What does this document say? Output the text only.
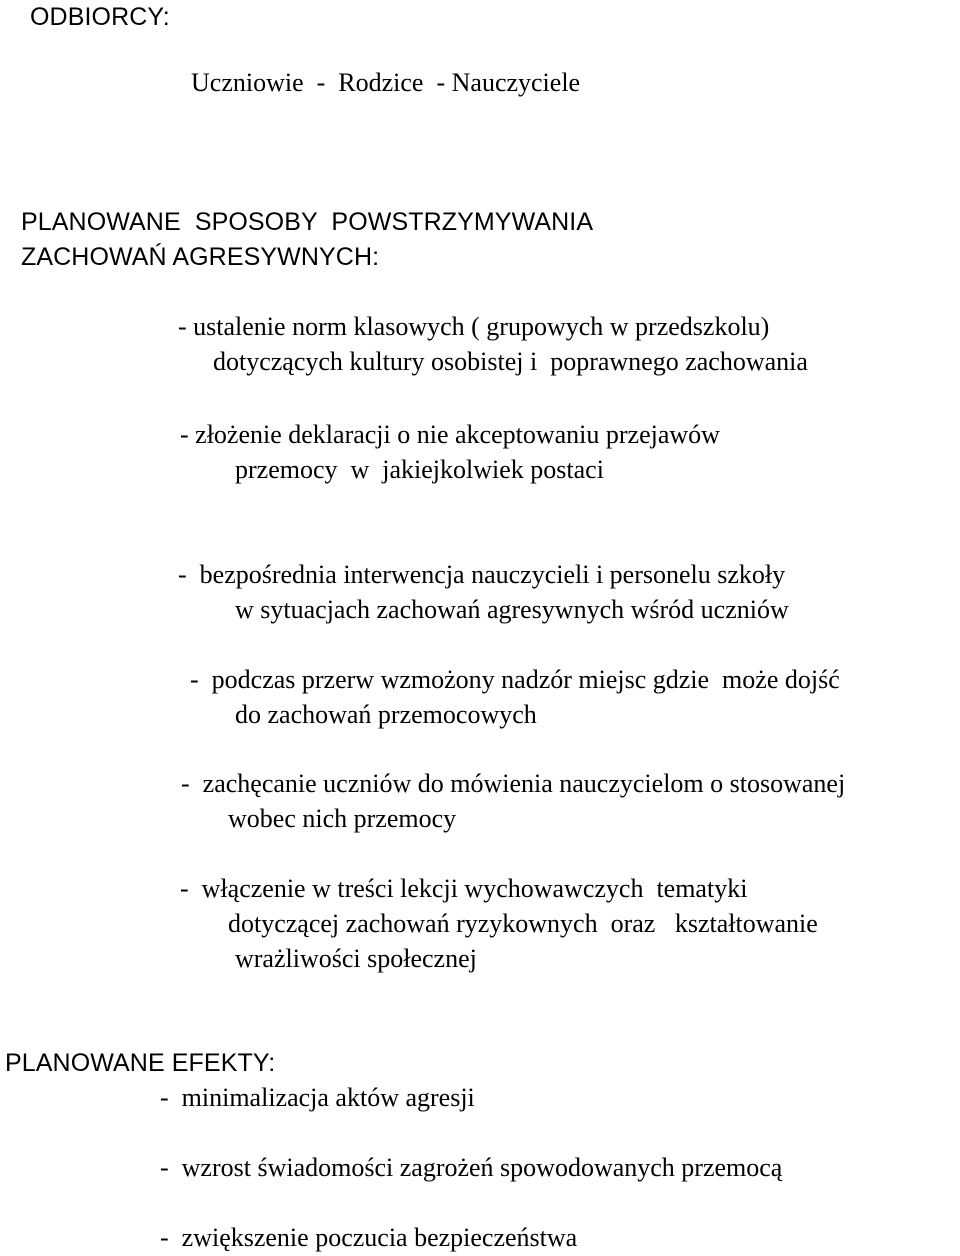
ODBIORCY:

Uczniowie  -  Rodzice  - Nauczyciele

PLANOWANE  SPOSOBY  POWSTRZYMYWANIA

ZACHOWAŃ AGRESYWNYCH:

- ustalenie norm klasowych ( grupowych w przedszkolu)

dotyczących kultury osobistej i  poprawnego zachowania

- złożenie deklaracji o nie akceptowaniu przejawów

przemocy  w  jakiejkolwiek postaci

-  bezpośrednia interwencja nauczycieli i personelu szkoły

w sytuacjach zachowań agresywnych wśród uczniów

-  podczas przerw wzmożony nadzór miejsc gdzie  może dojść

do zachowań przemocowych

-  zachęcanie uczniów do mówienia nauczycielom o stosowanej

wobec nich przemocy

-  włączenie w treści lekcji wychowawczych  tematyki

dotyczącej zachowań ryzykownych  oraz   kształtowanie

wrażliwości społecznej

PLANOWANE EFEKTY:

-  minimalizacja aktów agresji

-  wzrost świadomości zagrożeń spowodowanych przemocą

-  zwiększenie poczucia bezpieczeństwa
